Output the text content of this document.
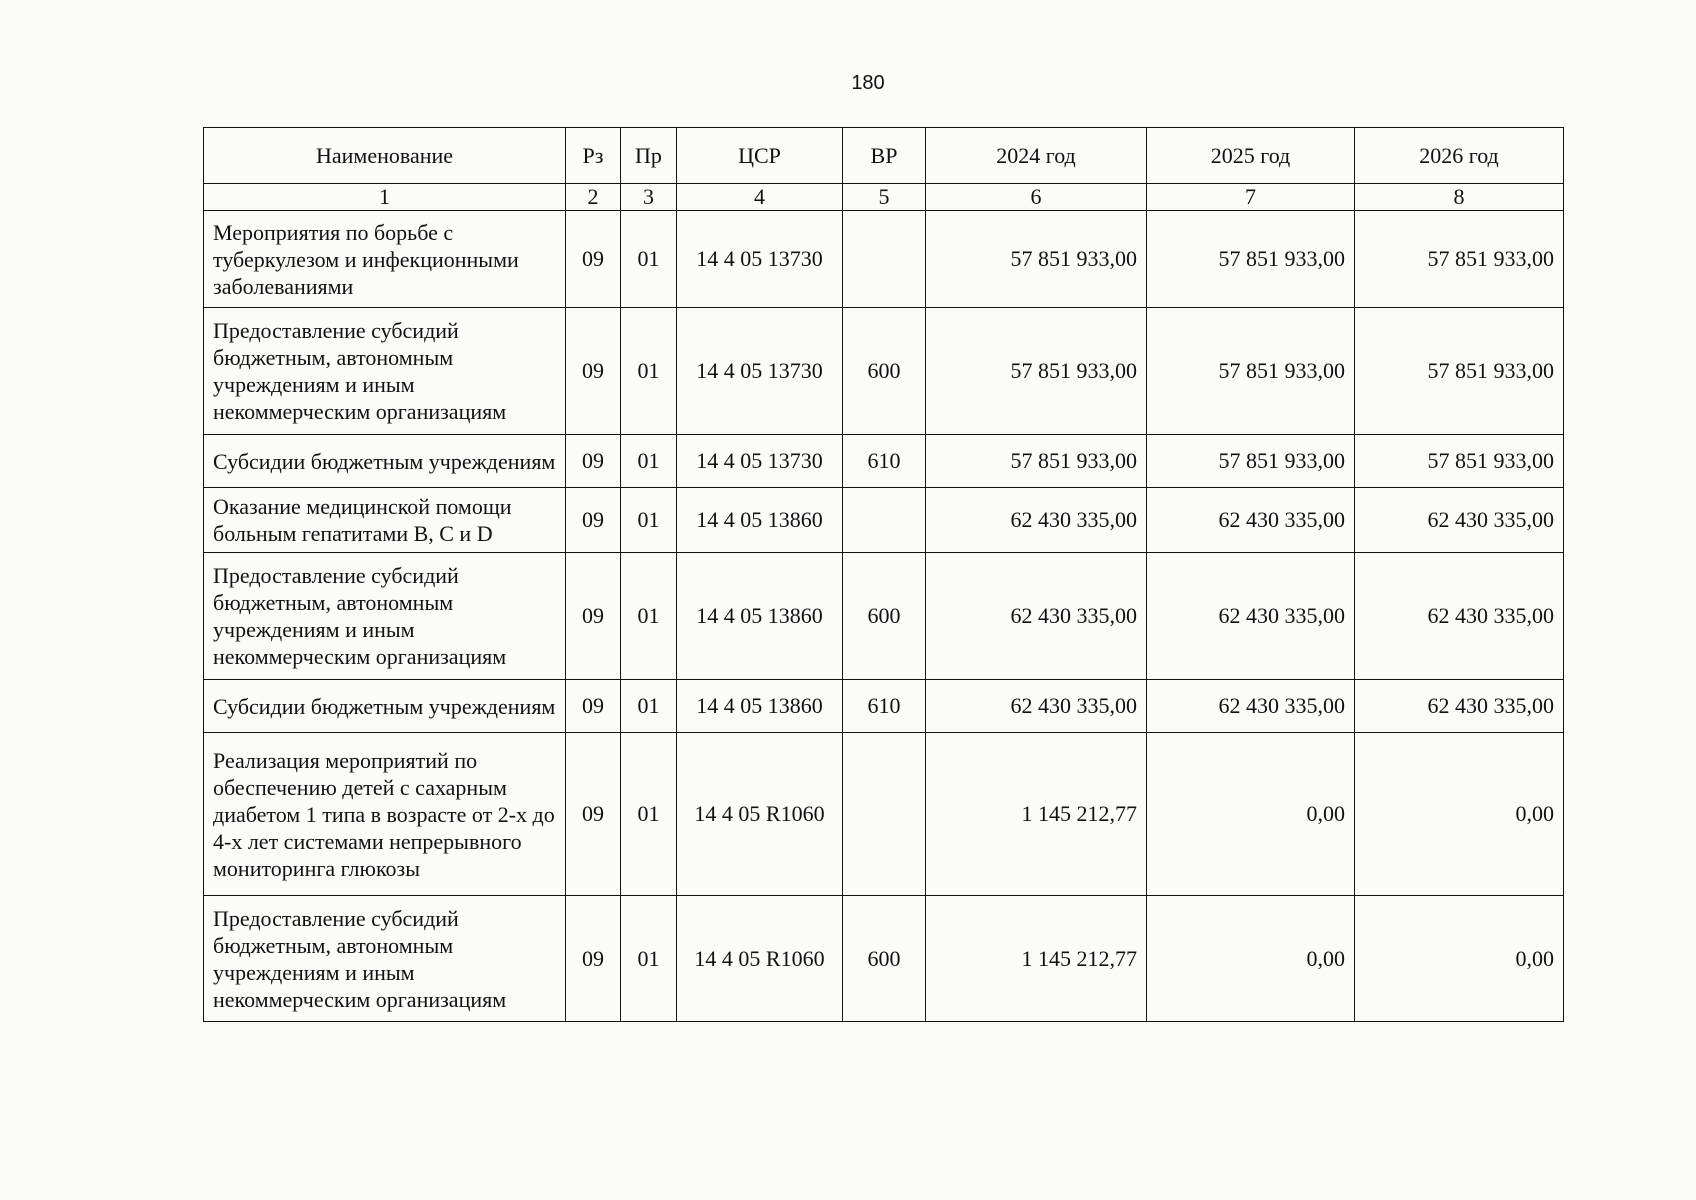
180
Наименование	Рз	Пр	ЦСР	ВР	2024 год	2025 год	2026 год
1	2	3	4	5	6	7	8
Мероприятия по борьбе с туберкулезом и инфекционными заболеваниями	09	01	14 4 05 13730		57 851 933,00	57 851 933,00	57 851 933,00
Предоставление субсидий бюджетным, автономным учреждениям и иным некоммерческим организациям	09	01	14 4 05 13730	600	57 851 933,00	57 851 933,00	57 851 933,00
Субсидии бюджетным учреждениям	09	01	14 4 05 13730	610	57 851 933,00	57 851 933,00	57 851 933,00
Оказание медицинской помощи больным гепатитами B, C и D	09	01	14 4 05 13860		62 430 335,00	62 430 335,00	62 430 335,00
Предоставление субсидий бюджетным, автономным учреждениям и иным некоммерческим организациям	09	01	14 4 05 13860	600	62 430 335,00	62 430 335,00	62 430 335,00
Субсидии бюджетным учреждениям	09	01	14 4 05 13860	610	62 430 335,00	62 430 335,00	62 430 335,00
Реализация мероприятий по обеспечению детей с сахарным диабетом 1 типа в возрасте от 2-х до 4-х лет системами непрерывного мониторинга глюкозы	09	01	14 4 05 R1060		1 145 212,77	0,00	0,00
Предоставление субсидий бюджетным, автономным учреждениям и иным некоммерческим организациям	09	01	14 4 05 R1060	600	1 145 212,77	0,00	0,00
